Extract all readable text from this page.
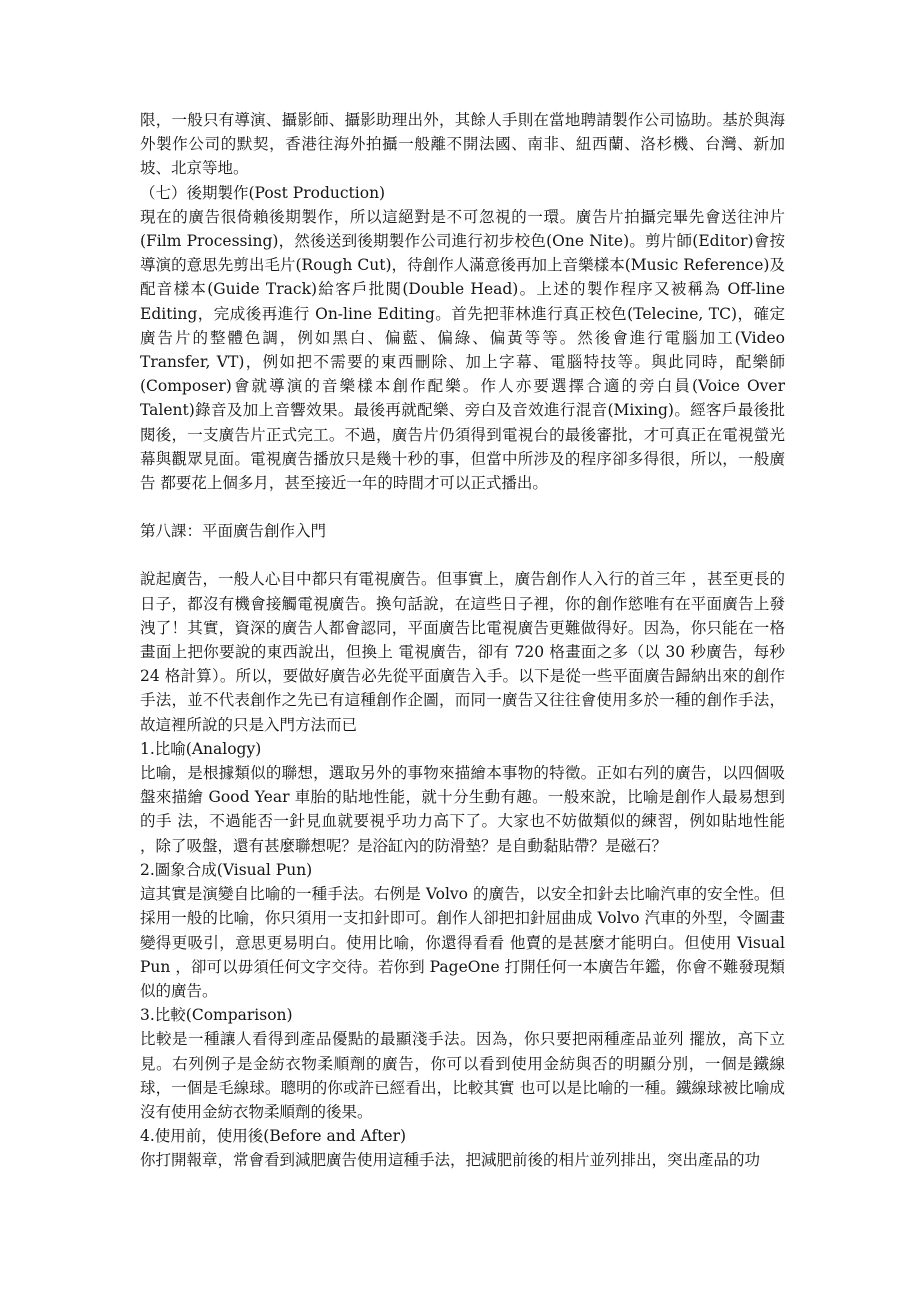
限，一般只有導演、攝影師、攝影助理出外，其餘人手則在當地聘請製作公司協助。基於與海外製作公司的默契，香港往海外拍攝一般離不開法國、南非、紐西蘭、洛杉機、台灣、新加坡、北京等地。

（七）後期製作(Post Production)

現在的廣告很倚賴後期製作，所以這絕對是不可忽視的一環。廣告片拍攝完畢先會送往沖片(Film Processing)，然後送到後期製作公司進行初步校色(One Nite)。剪片師(Editor)會按導演的意思先剪出毛片(Rough Cut)，待創作人滿意後再加上音樂樣本(Music Reference)及配音樣本(Guide Track)給客戶批閱(Double Head)。上述的製作程序又被稱為 Off-line Editing，完成後再進行 On-line Editing。首先把菲林進行真正校色(Telecine, TC)，確定廣告片的整體色調，例如黑白、偏藍、偏綠、偏黃等等。然後會進行電腦加工(Video Transfer, VT)，例如把不需要的東西刪除、加上字幕、電腦特技等。與此同時，配樂師(Composer)會就導演的音樂樣本創作配樂。作人亦要選擇合適的旁白員(Voice Over Talent)錄音及加上音響效果。最後再就配樂、旁白及音效進行混音(Mixing)。經客戶最後批閱後，一支廣告片正式完工。不過，廣告片仍須得到電視台的最後審批，才可真正在電視螢光幕與觀眾見面。電視廣告播放只是幾十秒的事，但當中所涉及的程序卻多得很，所以，一般廣告 都要花上個多月，甚至接近一年的時間才可以正式播出。

第八課：平面廣告創作入門

說起廣告，一般人心目中都只有電視廣告。但事實上，廣告創作人入行的首三年 ，甚至更長的日子，都沒有機會接觸電視廣告。換句話說，在這些日子裡，你的創作慾唯有在平面廣告上發洩了！其實，資深的廣告人都會認同，平面廣告比電視廣告更難做得好。因為，你只能在一格畫面上把你要說的東西說出，但換上 電視廣告，卻有 720 格畫面之多（以 30 秒廣告，每秒 24 格計算）。所以，要做好廣告必先從平面廣告入手。以下是從一些平面廣告歸納出來的創作手法，並不代表創作之先已有這種創作企圖，而同一廣告又往往會使用多於一種的創作手法， 故這裡所說的只是入門方法而已

1.比喻(Analogy)

比喻，是根據類似的聯想，選取另外的事物來描繪本事物的特徵。正如右列的廣告，以四個吸盤來描繪 Good Year 車胎的貼地性能，就十分生動有趣。一般來說，比喻是創作人最易想到的手 法，不過能否一針見血就要視乎功力高下了。大家也不妨做類似的練習，例如貼地性能 ，除了吸盤，還有甚麼聯想呢？是浴缸內的防滑墊？是自動黏貼帶？是磁石？

2.圖象合成(Visual Pun)

這其實是演變自比喻的一種手法。右例是 Volvo 的廣告，以安全扣針去比喻汽車的安全性。但採用一般的比喻，你只須用一支扣針即可。創作人卻把扣針屈曲成 Volvo 汽車的外型，令圖畫變得更吸引，意思更易明白。使用比喻，你還得看看 他賣的是甚麼才能明白。但使用 Visual Pun ，卻可以毋須任何文字交待。若你到 PageOne 打開任何一本廣告年鑑，你會不難發現類似的廣告。

3.比較(Comparison)

比較是一種讓人看得到產品優點的最顯淺手法。因為，你只要把兩種產品並列 擺放，高下立見。右列例子是金紡衣物柔順劑的廣告，你可以看到使用金紡與否的明顯分別，一個是鐵線球，一個是毛線球。聰明的你或許已經看出，比較其實 也可以是比喻的一種。鐵線球被比喻成沒有使用金紡衣物柔順劑的後果。

4.使用前，使用後(Before and After)

你打開報章，常會看到減肥廣告使用這種手法，把減肥前後的相片並列排出，突出產品的功
